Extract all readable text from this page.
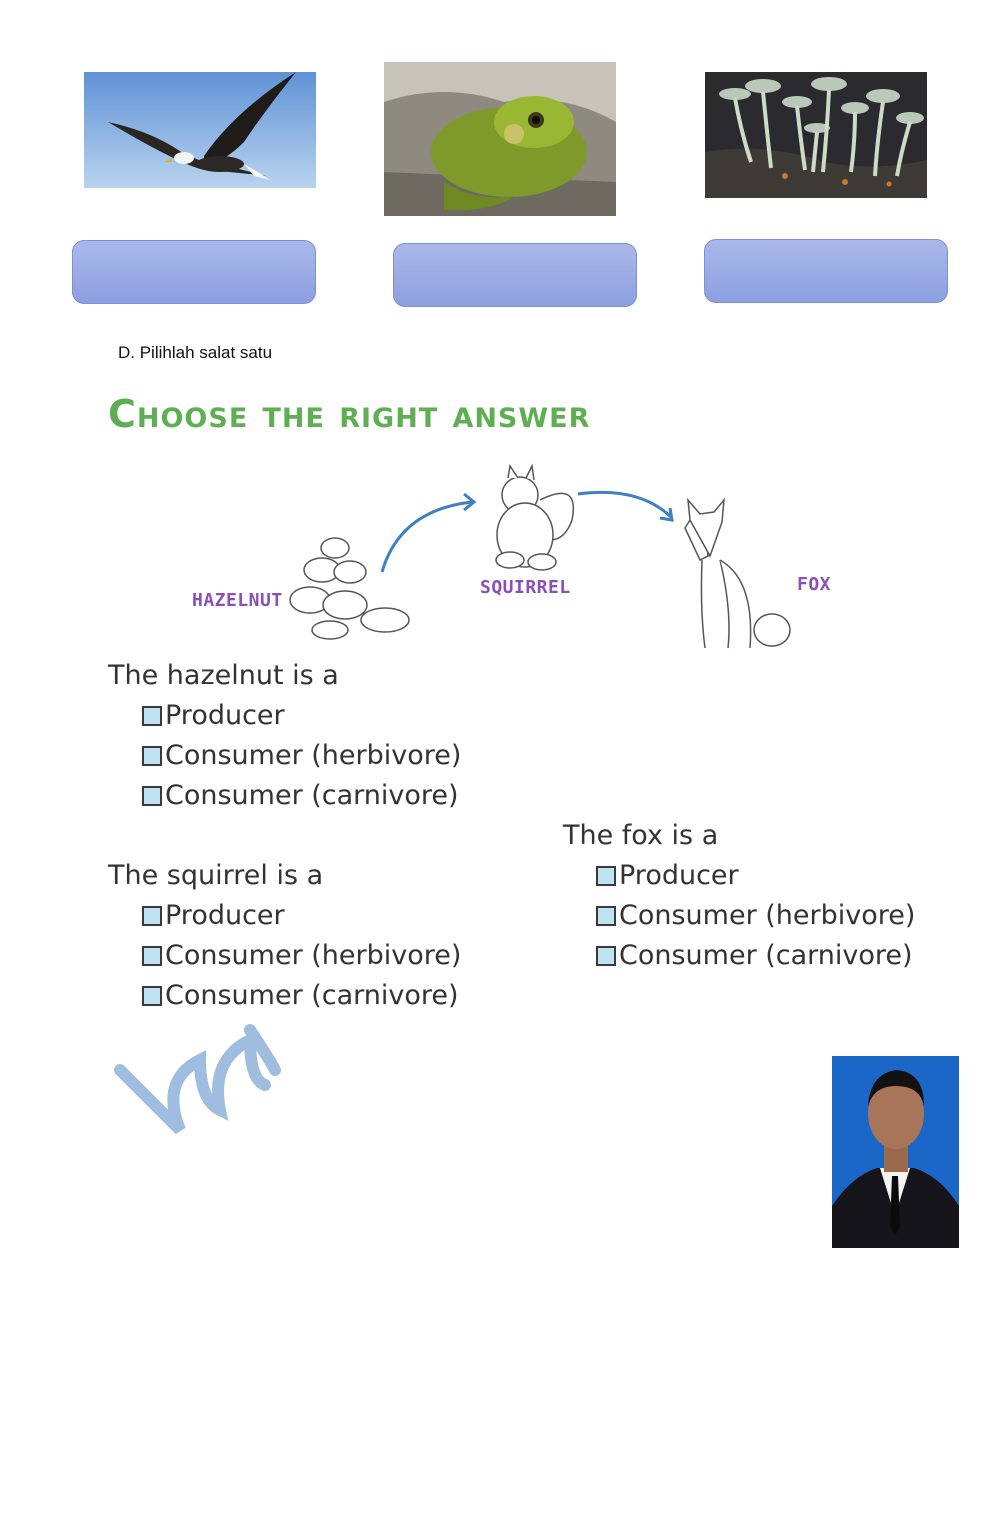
D. Pilihlah salat satu
Choose the right answer
HAZELNUT
SQUIRREL	FOX
The hazelnut is a
Producer
Consumer (herbivore)
Consumer (carnivore)
The squirrel is a
Producer
Consumer (herbivore)
Consumer (carnivore)
The fox is a
Producer
Consumer (herbivore)
Consumer (carnivore)
